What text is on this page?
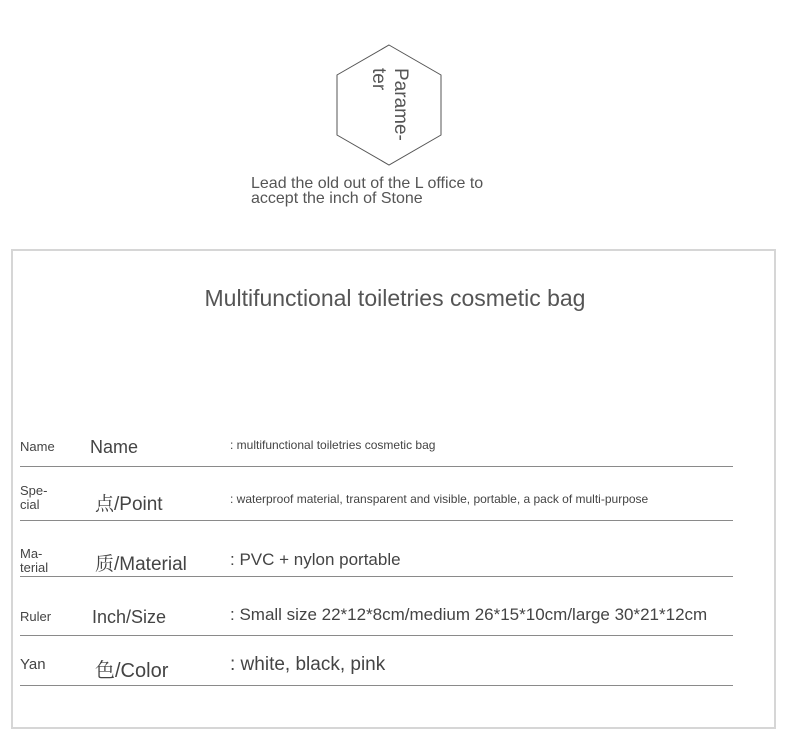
Parame-
ter
Lead the old out of the L office to
accept the inch of Stone
Multifunctional toiletries cosmetic bag
Name Name	: multifunctional toiletries cosmetic bag
Spe-
cial	点/Point	: waterproof material, transparent and visible, portable, a pack of multi-purpose
Ma-
terial	质/Material	: PVC + nylon portable
Ruler	Inch/Size	: Small size 22*12*8cm/medium 26*15*10cm/large 30*21*12cm
Yan	色/Color	: white, black, pink
